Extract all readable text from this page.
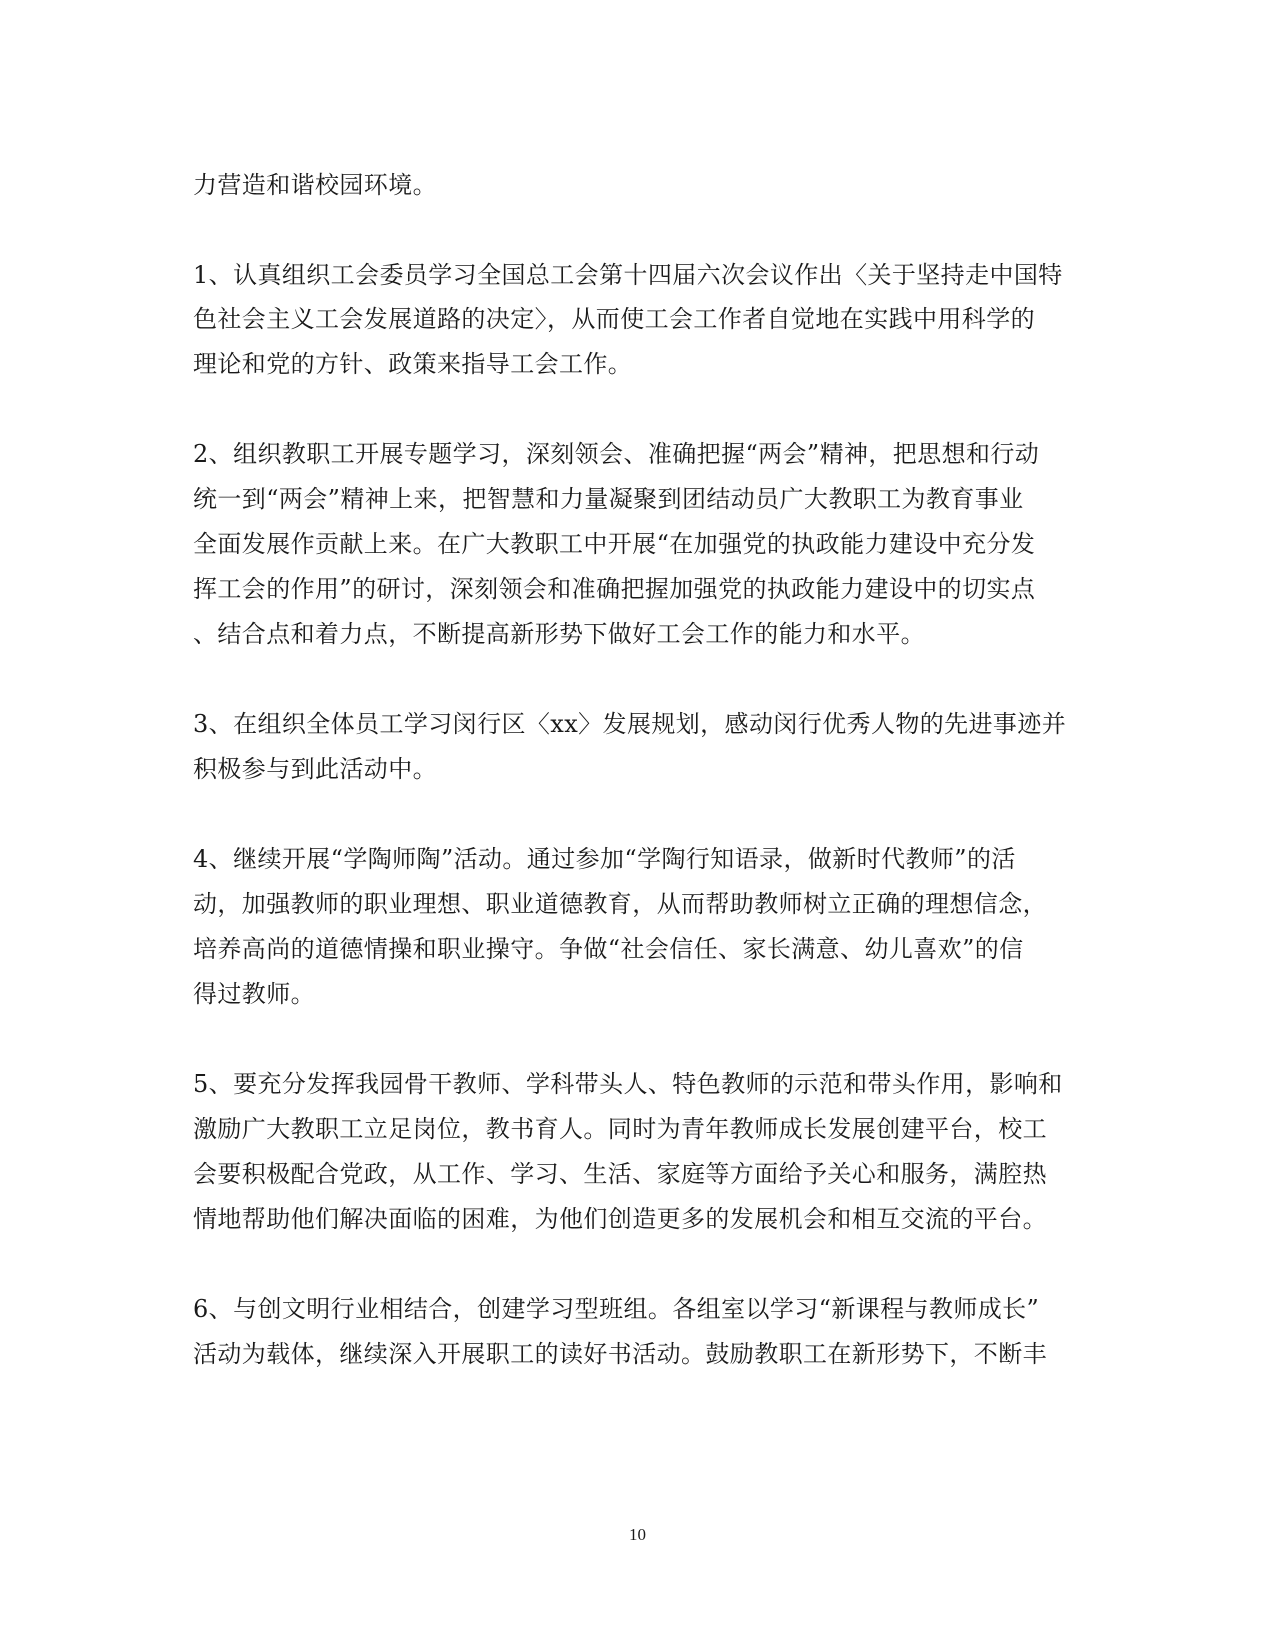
力营造和谐校园环境。
1、认真组织工会委员学习全国总工会第十四届六次会议作出〈关于坚持走中国特
色社会主义工会发展道路的决定〉，从而使工会工作者自觉地在实践中用科学的
理论和党的方针、政策来指导工会工作。
2、组织教职工开展专题学习，深刻领会、准确把握“两会”精神，把思想和行动
统一到“两会”精神上来，把智慧和力量凝聚到团结动员广大教职工为教育事业
全面发展作贡献上来。在广大教职工中开展“在加强党的执政能力建设中充分发
挥工会的作用”的研讨，深刻领会和准确把握加强党的执政能力建设中的切实点
、结合点和着力点，不断提高新形势下做好工会工作的能力和水平。
3、在组织全体员工学习闵行区〈xx〉发展规划，感动闵行优秀人物的先进事迹并
积极参与到此活动中。
4、继续开展“学陶师陶”活动。通过参加“学陶行知语录，做新时代教师”的活
动，加强教师的职业理想、职业道德教育，从而帮助教师树立正确的理想信念，
培养高尚的道德情操和职业操守。争做“社会信任、家长满意、幼儿喜欢”的信
得过教师。
5、要充分发挥我园骨干教师、学科带头人、特色教师的示范和带头作用，影响和
激励广大教职工立足岗位，教书育人。同时为青年教师成长发展创建平台，校工
会要积极配合党政，从工作、学习、生活、家庭等方面给予关心和服务，满腔热
情地帮助他们解决面临的困难，为他们创造更多的发展机会和相互交流的平台。
6、与创文明行业相结合，创建学习型班组。各组室以学习“新课程与教师成长”
活动为载体，继续深入开展职工的读好书活动。鼓励教职工在新形势下，不断丰
10
